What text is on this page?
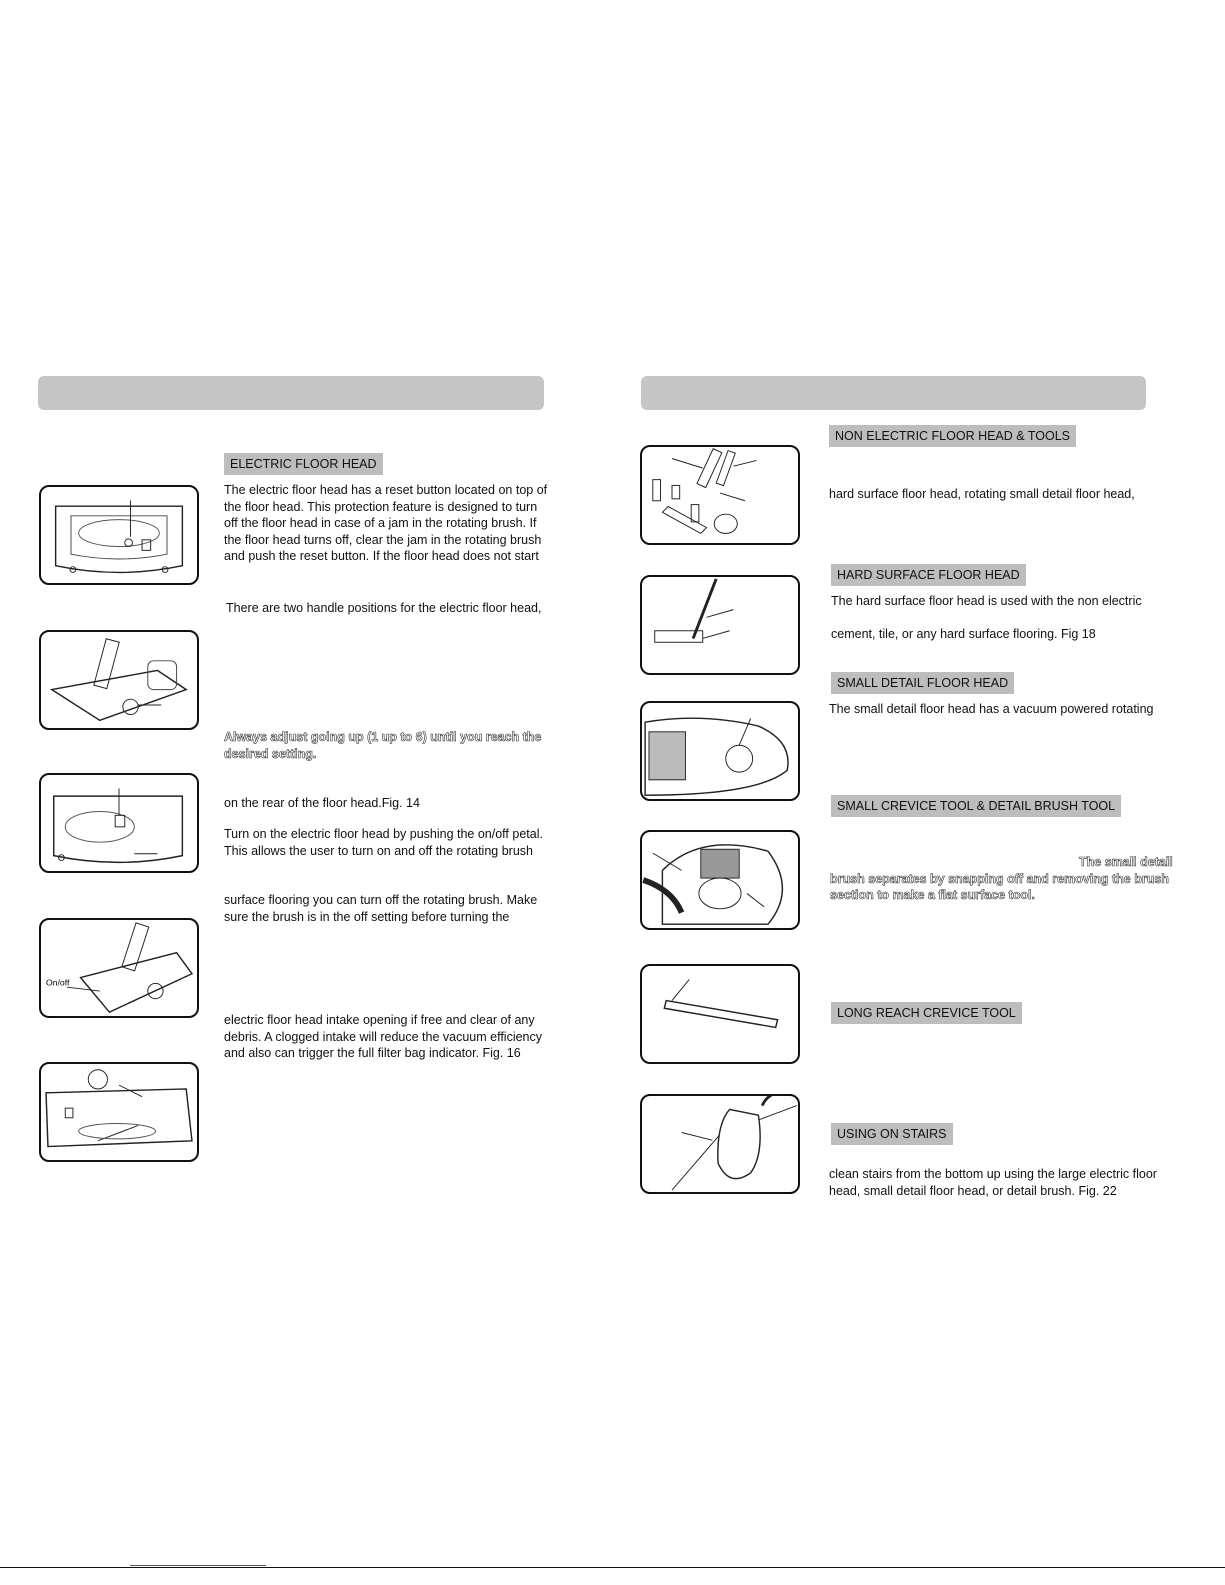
ELECTRIC FLOOR HEAD
The electric floor head has a reset button located on top of
the floor head. This protection feature is designed to turn
off the floor head in case of a jam in the rotating brush. If
the floor head turns off, clear the jam in the rotating brush
and push the reset button. If the floor head does not start
There are two handle positions for the electric floor head,
Always adjust going up (1 up to 6) until you reach the
desired setting.
on the rear of the floor head.Fig. 14
Turn on the electric floor head by pushing the on/off petal.
This allows the user to turn on and off the rotating brush
surface flooring you can turn off the rotating brush. Make
sure the brush is in the off setting before turning the
electric floor head intake opening if free and clear of any
debris. A clogged intake will reduce the vacuum efficiency
and also can trigger the full filter bag indicator. Fig. 16
On/off
NON ELECTRIC FLOOR HEAD & TOOLS
hard surface floor head, rotating small detail floor head,
HARD SURFACE FLOOR HEAD
The hard surface floor head is used with the non electric
cement, tile, or any hard surface flooring. Fig 18
SMALL DETAIL FLOOR HEAD
The small detail floor head has a vacuum powered rotating
SMALL CREVICE TOOL & DETAIL BRUSH TOOL
The small detail
brush separates by snapping off and removing the brush
section to make a flat surface tool.
LONG REACH CREVICE TOOL
USING ON STAIRS
clean stairs from the bottom up using the large electric floor
head, small detail floor head, or detail brush. Fig. 22
